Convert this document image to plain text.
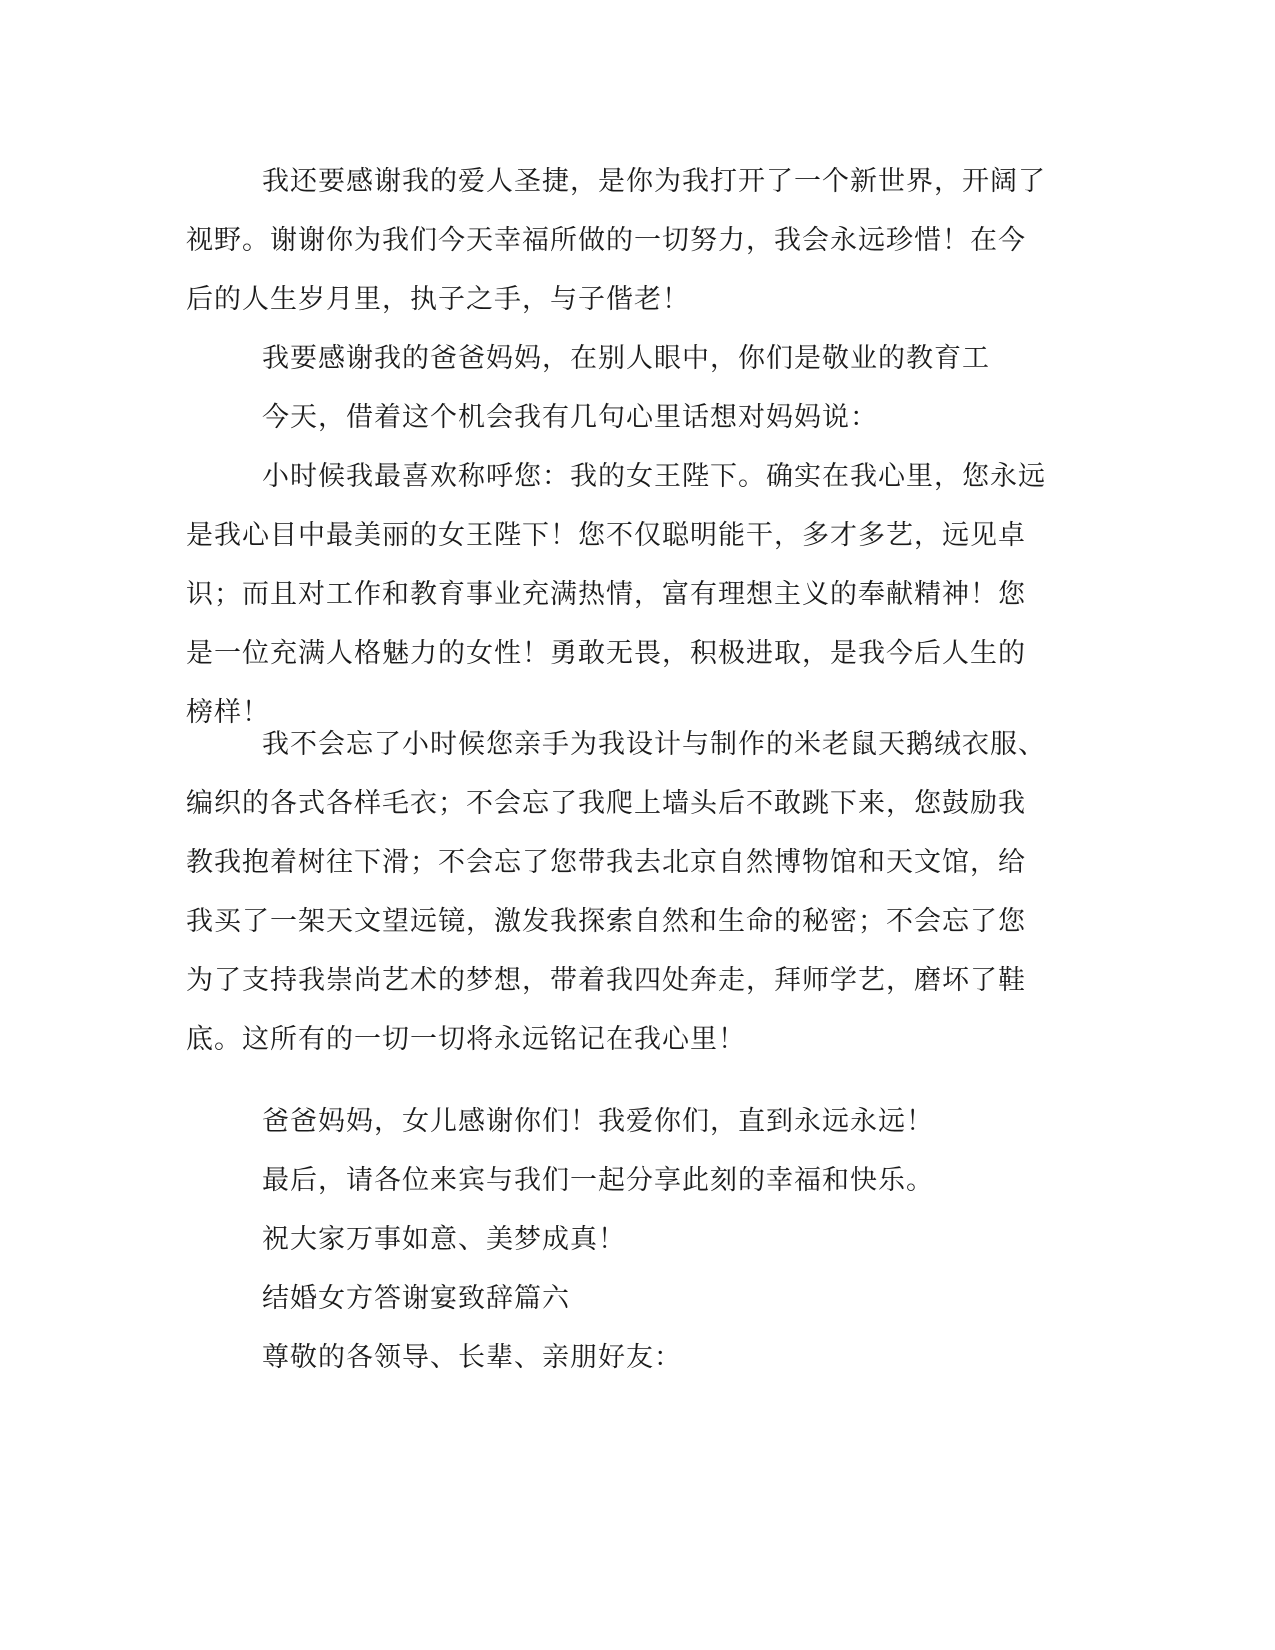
我还要感谢我的爱人圣捷，是你为我打开了一个新世界，开阔了视野。谢谢你为我们今天幸福所做的一切努力，我会永远珍惜！在今后的人生岁月里，执子之手，与子偕老！

我要感谢我的爸爸妈妈，在别人眼中，你们是敬业的教育工

今天，借着这个机会我有几句心里话想对妈妈说：

小时候我最喜欢称呼您：我的女王陛下。确实在我心里，您永远是我心目中最美丽的女王陛下！您不仅聪明能干，多才多艺，远见卓识；而且对工作和教育事业充满热情，富有理想主义的奉献精神！您是一位充满人格魅力的女性！勇敢无畏，积极进取，是我今后人生的榜样！

我不会忘了小时候您亲手为我设计与制作的米老鼠天鹅绒衣服、编织的各式各样毛衣；不会忘了我爬上墙头后不敢跳下来，您鼓励我教我抱着树往下滑；不会忘了您带我去北京自然博物馆和天文馆，给我买了一架天文望远镜，激发我探索自然和生命的秘密；不会忘了您为了支持我崇尚艺术的梦想，带着我四处奔走，拜师学艺，磨坏了鞋底。这所有的一切一切将永远铭记在我心里！

爸爸妈妈，女儿感谢你们！我爱你们，直到永远永远！

最后，请各位来宾与我们一起分享此刻的幸福和快乐。

祝大家万事如意、美梦成真！

结婚女方答谢宴致辞篇六

尊敬的各领导、长辈、亲朋好友：
